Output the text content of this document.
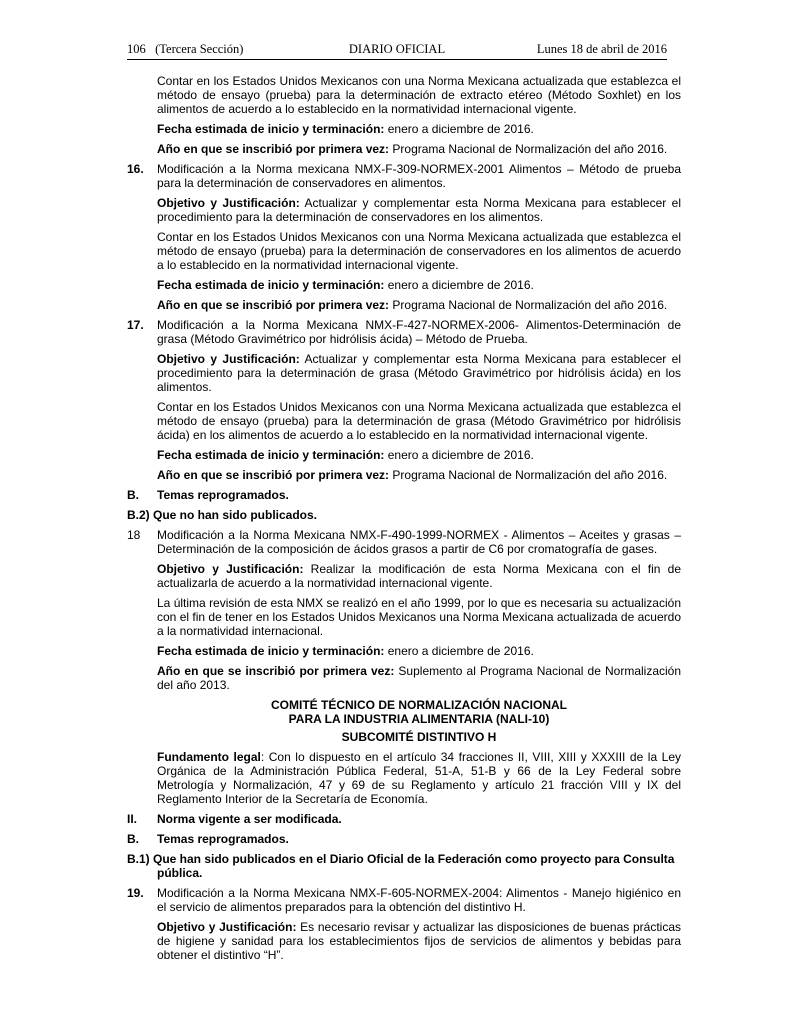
106   (Tercera Sección)	DIARIO OFICIAL	Lunes 18 de abril de 2016

Contar en los Estados Unidos Mexicanos con una Norma Mexicana actualizada que establezca el método de ensayo (prueba) para la determinación de extracto etéreo (Método Soxhlet) en los alimentos de acuerdo a lo establecido en la normatividad internacional vigente.

Fecha estimada de inicio y terminación: enero a diciembre de 2016.

Año en que se inscribió por primera vez: Programa Nacional de Normalización del año 2016.

16. Modificación a la Norma mexicana NMX-F-309-NORMEX-2001 Alimentos – Método de prueba para la determinación de conservadores en alimentos.

Objetivo y Justificación: Actualizar y complementar esta Norma Mexicana para establecer el procedimiento para la determinación de conservadores en los alimentos.

Contar en los Estados Unidos Mexicanos con una Norma Mexicana actualizada que establezca el método de ensayo (prueba) para la determinación de conservadores en los alimentos de acuerdo a lo establecido en la normatividad internacional vigente.

Fecha estimada de inicio y terminación: enero a diciembre de 2016.

Año en que se inscribió por primera vez: Programa Nacional de Normalización del año 2016.

17. Modificación a la Norma Mexicana NMX-F-427-NORMEX-2006- Alimentos-Determinación de grasa (Método Gravimétrico por hidrólisis ácida) – Método de Prueba.

Objetivo y Justificación: Actualizar y complementar esta Norma Mexicana para establecer el procedimiento para la determinación de grasa (Método Gravimétrico por hidrólisis ácida) en los alimentos.

Contar en los Estados Unidos Mexicanos con una Norma Mexicana actualizada que establezca el método de ensayo (prueba) para la determinación de grasa (Método Gravimétrico por hidrólisis ácida) en los alimentos de acuerdo a lo establecido en la normatividad internacional vigente.

Fecha estimada de inicio y terminación: enero a diciembre de 2016.

Año en que se inscribió por primera vez: Programa Nacional de Normalización del año 2016.

B. Temas reprogramados.
B.2) Que no han sido publicados.
18 Modificación a la Norma Mexicana NMX-F-490-1999-NORMEX - Alimentos – Aceites y grasas – Determinación de la composición de ácidos grasos a partir de C6 por cromatografía de gases.

Objetivo y Justificación: Realizar la modificación de esta Norma Mexicana con el fin de actualizarla de acuerdo a la normatividad internacional vigente.

La última revisión de esta NMX se realizó en el año 1999, por lo que es necesaria su actualización con el fin de tener en los Estados Unidos Mexicanos una Norma Mexicana actualizada de acuerdo a la normatividad internacional.

Fecha estimada de inicio y terminación: enero a diciembre de 2016.

Año en que se inscribió por primera vez: Suplemento al Programa Nacional de Normalización del año 2013.

COMITÉ TÉCNICO DE NORMALIZACIÓN NACIONAL
PARA LA INDUSTRIA ALIMENTARIA (NALI-10)
SUBCOMITÉ DISTINTIVO H

Fundamento legal: Con lo dispuesto en el artículo 34 fracciones II, VIII, XIII y XXXIII de la Ley Orgánica de la Administración Pública Federal, 51-A, 51-B y 66 de la Ley Federal sobre Metrología y Normalización, 47 y 69 de su Reglamento y artículo 21 fracción VIII y IX del Reglamento Interior de la Secretaría de Economía.

II. Norma vigente a ser modificada.
B. Temas reprogramados.
B.1) Que han sido publicados en el Diario Oficial de la Federación como proyecto para Consulta pública.
19. Modificación a la Norma Mexicana NMX-F-605-NORMEX-2004: Alimentos - Manejo higiénico en el servicio de alimentos preparados para la obtención del distintivo H.

Objetivo y Justificación: Es necesario revisar y actualizar las disposiciones de buenas prácticas de higiene y sanidad para los establecimientos fijos de servicios de alimentos y bebidas para obtener el distintivo “H”.
